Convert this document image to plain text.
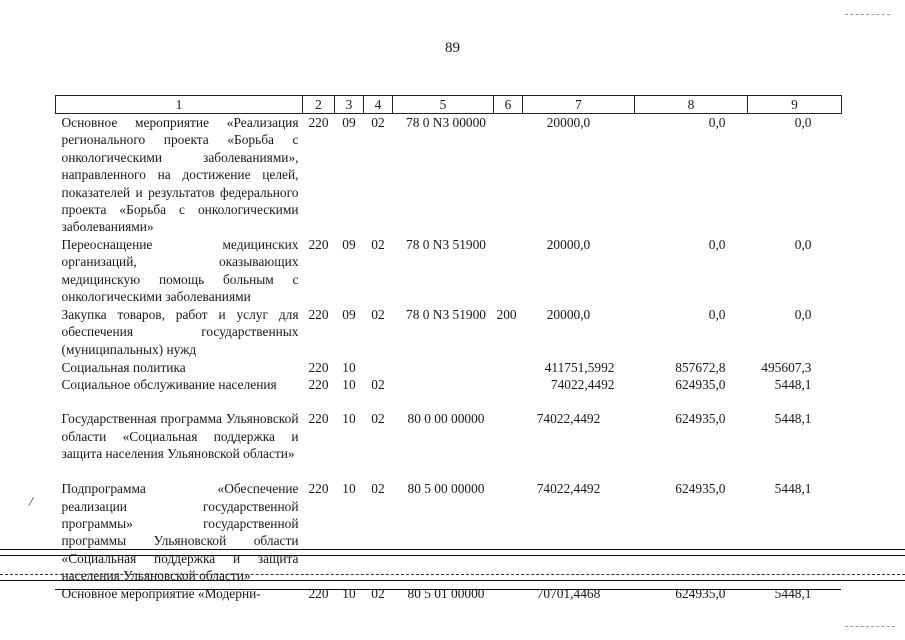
89
1	2	3	4	5	6	7	8	9
Основное мероприятие «Реализация регионального проекта «Борьба с онкологическими заболеваниями», направленного на достижение целей, показателей и результатов федерального проекта «Борьба с онкологическими заболеваниями»	220	09	02	78 0 N3 00000		20000,0	0,0	0,0
Переоснащение медицинских организаций, оказывающих медицинскую помощь больным с онкологическими заболеваниями	220	09	02	78 0 N3 51900		20000,0	0,0	0,0
Закупка товаров, работ и услуг для обеспечения государственных (муниципальных) нужд	220	09	02	78 0 N3 51900	200	20000,0	0,0	0,0
Социальная политика	220	10				411751,5992	857672,8	495607,3
Социальное обслуживание населения	220	10	02			74022,4492	624935,0	5448,1
Государственная программа Ульяновской области «Социальная поддержка и защита населения Ульяновской области»	220	10	02	80 0 00 00000		74022,4492	624935,0	5448,1
Подпрограмма «Обеспечение реализации государственной программы» государственной программы Ульяновской области «Социальная поддержка и защита населения Ульяновской области»	220	10	02	80 5 00 00000		74022,4492	624935,0	5448,1
Основное мероприятие «Модерни-	220	10	02	80 5 01 00000		70701,4468	624935,0	5448,1
/
